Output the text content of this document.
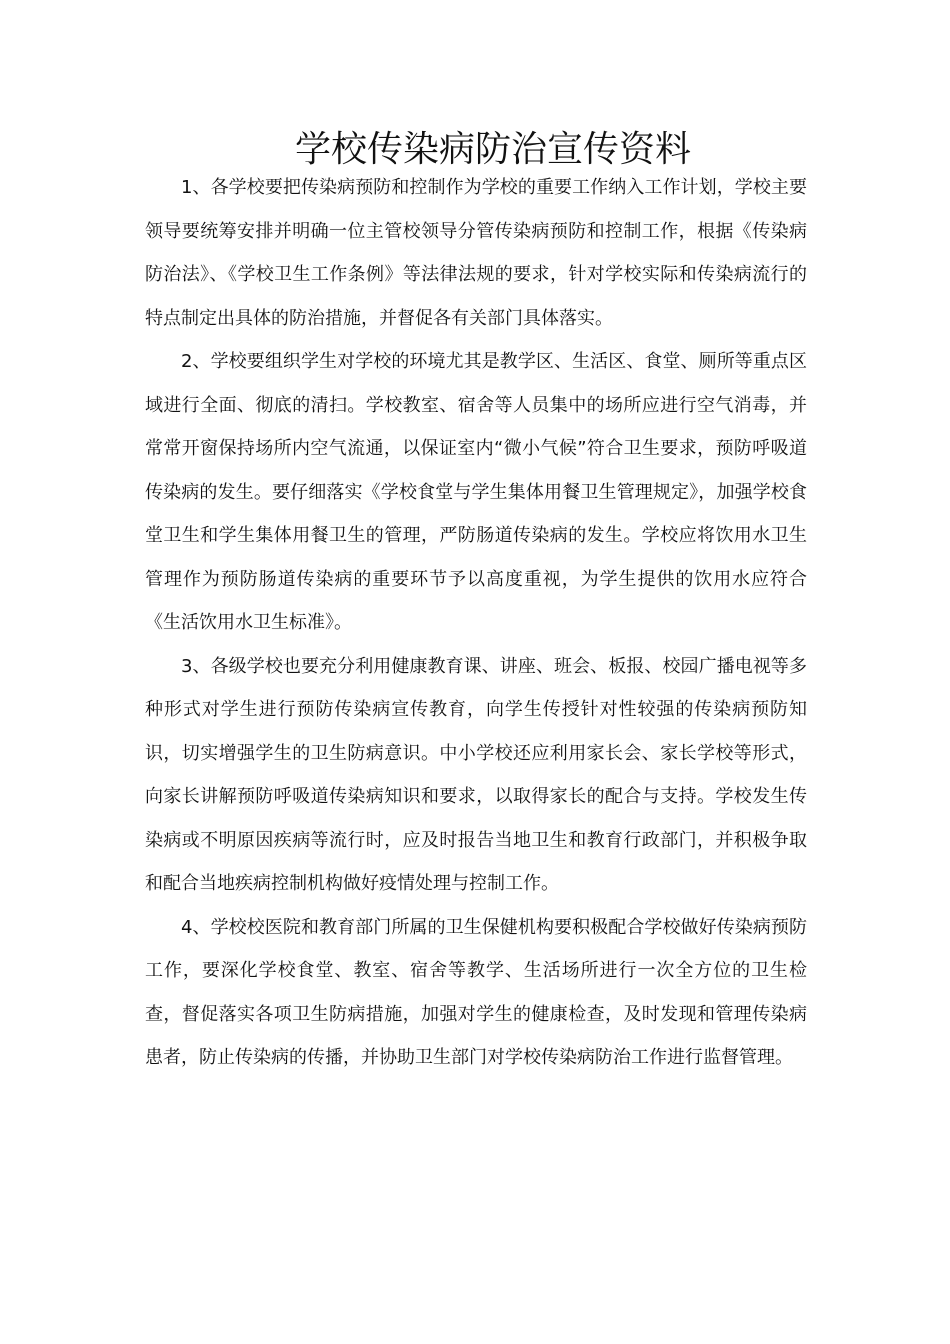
学校传染病防治宣传资料

1、各学校要把传染病预防和控制作为学校的重要工作纳入工作计划，学校主要领导要统筹安排并明确一位主管校领导分管传染病预防和控制工作，根据《传染病防治法》、《学校卫生工作条例》等法律法规的要求，针对学校实际和传染病流行的特点制定出具体的防治措施，并督促各有关部门具体落实。

2、学校要组织学生对学校的环境尤其是教学区、生活区、食堂、厕所等重点区域进行全面、彻底的清扫。学校教室、宿舍等人员集中的场所应进行空气消毒，并常常开窗保持场所内空气流通，以保证室内“微小气候”符合卫生要求，预防呼吸道传染病的发生。要仔细落实《学校食堂与学生集体用餐卫生管理规定》，加强学校食堂卫生和学生集体用餐卫生的管理，严防肠道传染病的发生。学校应将饮用水卫生管理作为预防肠道传染病的重要环节予以高度重视，为学生提供的饮用水应符合《生活饮用水卫生标准》。

3、各级学校也要充分利用健康教育课、讲座、班会、板报、校园广播电视等多种形式对学生进行预防传染病宣传教育，向学生传授针对性较强的传染病预防知识，切实增强学生的卫生防病意识。中小学校还应利用家长会、家长学校等形式，向家长讲解预防呼吸道传染病知识和要求，以取得家长的配合与支持。学校发生传染病或不明原因疾病等流行时，应及时报告当地卫生和教育行政部门，并积极争取和配合当地疾病控制机构做好疫情处理与控制工作。

4、学校校医院和教育部门所属的卫生保健机构要积极配合学校做好传染病预防工作，要深化学校食堂、教室、宿舍等教学、生活场所进行一次全方位的卫生检查，督促落实各项卫生防病措施，加强对学生的健康检查，及时发现和管理传染病患者，防止传染病的传播，并协助卫生部门对学校传染病防治工作进行监督管理。
